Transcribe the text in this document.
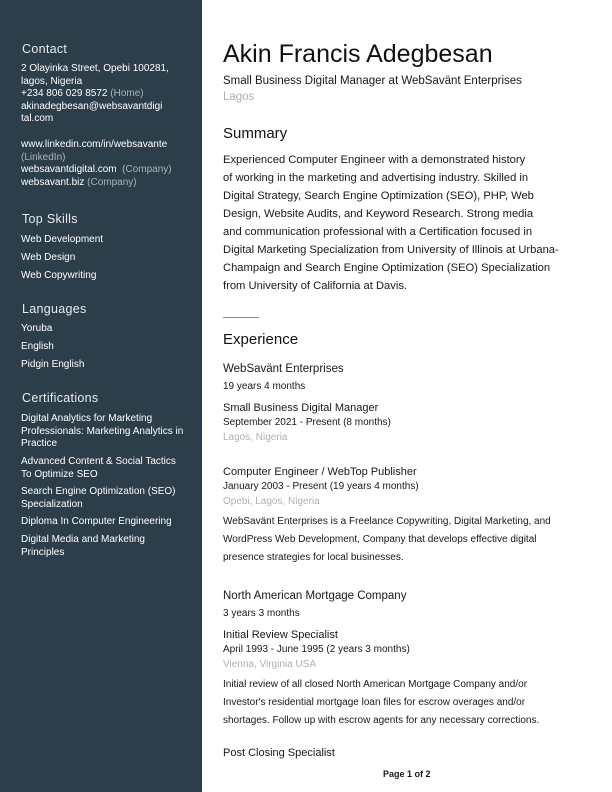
Contact
2 Olayinka Street, Opebi 100281,
lagos, Nigeria
+234 806 029 8572 (Home)
akinadegbesan@websavantdigi
tal.com
www.linkedin.com/in/websavante
(LinkedIn)
websavantdigital.com (Company)
websavant.biz (Company)
Top Skills
Web Development
Web Design
Web Copywriting
Languages
Yoruba
English
Pidgin English
Certifications
Digital Analytics for Marketing
Professionals: Marketing Analytics in
Practice
Advanced Content & Social Tactics
To Optimize SEO
Search Engine Optimization (SEO)
Specialization
Diploma In Computer Engineering
Digital Media and Marketing
Principles
Akin Francis Adegbesan
Small Business Digital Manager at WebSavänt Enterprises
Lagos
Summary
Experienced Computer Engineer with a demonstrated history
of working in the marketing and advertising industry. Skilled in
Digital Strategy, Search Engine Optimization (SEO), PHP, Web
Design, Website Audits, and Keyword Research. Strong media
and communication professional with a Certification focused in
Digital Marketing Specialization from University of Illinois at Urbana-
Champaign and Search Engine Optimization (SEO) Specialization
from University of California at Davis.
Experience
WebSavänt Enterprises
19 years 4 months
Small Business Digital Manager
September 2021 - Present (8 months)
Lagos, Nigeria
Computer Engineer / WebTop Publisher
January 2003 - Present (19 years 4 months)
Opebi, Lagos, Nigeria
WebSavänt Enterprises is a Freelance Copywriting, Digital Marketing, and
WordPress Web Development, Company that develops effective digital
presence strategies for local businesses.
North American Mortgage Company
3 years 3 months
Initial Review Specialist
April 1993 - June 1995 (2 years 3 months)
Vienna, Virginia USA
Initial review of all closed North American Mortgage Company and/or
Investor's residential mortgage loan files for escrow overages and/or
shortages. Follow up with escrow agents for any necessary corrections.
Post Closing Specialist
Page 1 of 2
